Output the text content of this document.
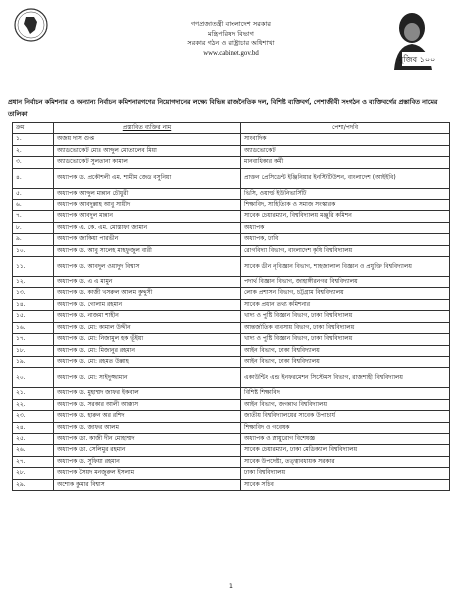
গণপ্রজাতন্ত্রী বাংলাদেশ সরকার
মন্ত্রিপরিষদ বিভাগ
সরকার গঠন ও রাষ্ট্রাচার অধিশাখা
www.cabinet.gov.bd
মুজিব ১০০
প্রধান নির্বাচন কমিশনার ও অন্যান্য নির্বাচন কমিশনারগণের নিয়োগদানের লক্ষ্যে বিভিন্ন রাজনৈতিক দল, বিশিষ্ট ব্যক্তিবর্গ, পেশাজীবী সংগঠন ও ব্যক্তিবর্গের প্রস্তাবিত নামের তালিকা
ক্রম	প্রস্তাবিত ব্যক্তির নাম	পেশা/পদবি
১.	অজয় দাস গুপ্ত	সাংবাদিক
২.	অ্যাডভোকেট মোঃ আব্দুল মোতালেব মিয়া	অ্যাডভোকেট
৩.	অ্যাডভোকেট সুলতানা কামাল	মানবাধিকার কর্মী
৪.	অধ্যাপক ড. প্রকৌশলী এম. শামীম জেড বসুনিয়া	প্রাক্তন প্রেসিডেন্ট ইঞ্জিনিয়ার ইনস্টিটিউশন, বাংলাদেশ (আইইবি)
৫.	অধ্যাপক আব্দুল মান্নান চৌধুরী	ভিসি, ওয়ার্ল্ড ইউনিভার্সিটি
৬.	অধ্যাপক আবদুল্লাহ আবু সায়ীদ	শিক্ষাবিদ, সাহিত্যিক ও সমাজ সংস্কারক
৭.	অধ্যাপক আবদুল মান্নান	সাবেক চেয়ারম্যান, বিশ্ববিদ্যালয় মঞ্জুরি কমিশন
৮.	অধ্যাপক এ. কে. এম. মোস্তাফা জামান	অধ্যাপক
৯.	অধ্যাপক জাকিয়া পারভীন	অধ্যাপক, ঢাবি
১০.	অধ্যাপক ড. আবু সালেহ মাহফুজুল বারী	রোগবিদ্যা বিভাগ, বাংলাদেশ কৃষি বিশ্ববিদ্যালয়
১১.	অধ্যাপক ড. আবদুল ওয়াদুদ বিশ্বাস	সাবেক ডীন নৃবিজ্ঞান বিভাগ, শাহজালাল বিজ্ঞান ও প্রযুক্তি বিশ্ববিদ্যালয়
১২.	অধ্যাপক ড. এ এ মামুন	পদার্থ বিজ্ঞান বিভাগ, জাহাঙ্গীরনগর বিশ্ববিদ্যালয়
১৩.	অধ্যাপক ড. কাজী খসরুল আলম কুদ্দুসী	লোক প্রশাসন বিভাগ, চট্টগ্রাম বিশ্ববিদ্যালয়
১৪.	অধ্যাপক ড. গোলাম রহমান	সাবেক প্রধান তথ্য কমিশনার
১৫.	অধ্যাপক ড. নাজমা শাহীন	খাদ্য ও পুষ্টি বিজ্ঞান বিভাগ, ঢাকা বিশ্ববিদ্যালয়
১৬.	অধ্যাপক ড. মো: কামাল উদ্দীন	আন্তর্জাতিক ব্যবসায় বিভাগ, ঢাকা বিশ্ববিদ্যালয়
১৭.	অধ্যাপক ড. মো: নিজামুল হক ভূঁইয়া	খাদ্য ও পুষ্টি বিজ্ঞান বিভাগ, ঢাকা বিশ্ববিদ্যালয়
১৮.	অধ্যাপক ড. মো: মিজানুর রহমান	আইন বিভাগ, ঢাকা বিশ্ববিদ্যালয়
১৯.	অধ্যাপক ড. মো: রহমত উল্লাহ	আইন বিভাগ, ঢাকা বিশ্ববিদ্যালয়
২০.	অধ্যাপক ড. মো: সাইদুজ্জামান	একাউন্টিং এন্ড ইনফরমেশন সিস্টেমস বিভাগ, রাজশাহী বিশ্ববিদ্যালয়
২১.	অধ্যাপক ড. মুহাম্মদ জাফর ইকবাল	বিশিষ্ট শিক্ষাবিদ
২২.	অধ্যাপক ড. সরকার আলী আক্কাস	আইন বিভাগ, জগন্নাথ বিশ্ববিদ্যালয়
২৩.	অধ্যাপক ড. হারুন অর রশিদ	জাতীয় বিশ্ববিদ্যালয়ের সাবেক উপাচার্য
২৪.	অধ্যাপক ড. জাফর আলম	শিক্ষাবিদ ও গবেষক
২৫.	অধ্যাপক ডা. কাজী দীন মোহাম্মদ	অধ্যাপক ও স্নায়ুরোগ বিশেষজ্ঞ
২৬.	অধ্যাপক ডা. সেলিমুর রহমান	সাবেক চেয়ারম্যান, ঢাকা মেডিক্যাল বিশ্ববিদ্যালয়
২৭.	অধ্যাপক ড. সুফিয়া রহমান	সাবেক উপদেষ্টা, তত্ত্বাবধায়ক সরকার
২৮.	অধ্যাপক সৈয়দ মনজুরুল ইসলাম	ঢাকা বিশ্ববিদ্যালয়
২৯.	অশোক কুমার বিশ্বাস	সাবেক সচিব
1
